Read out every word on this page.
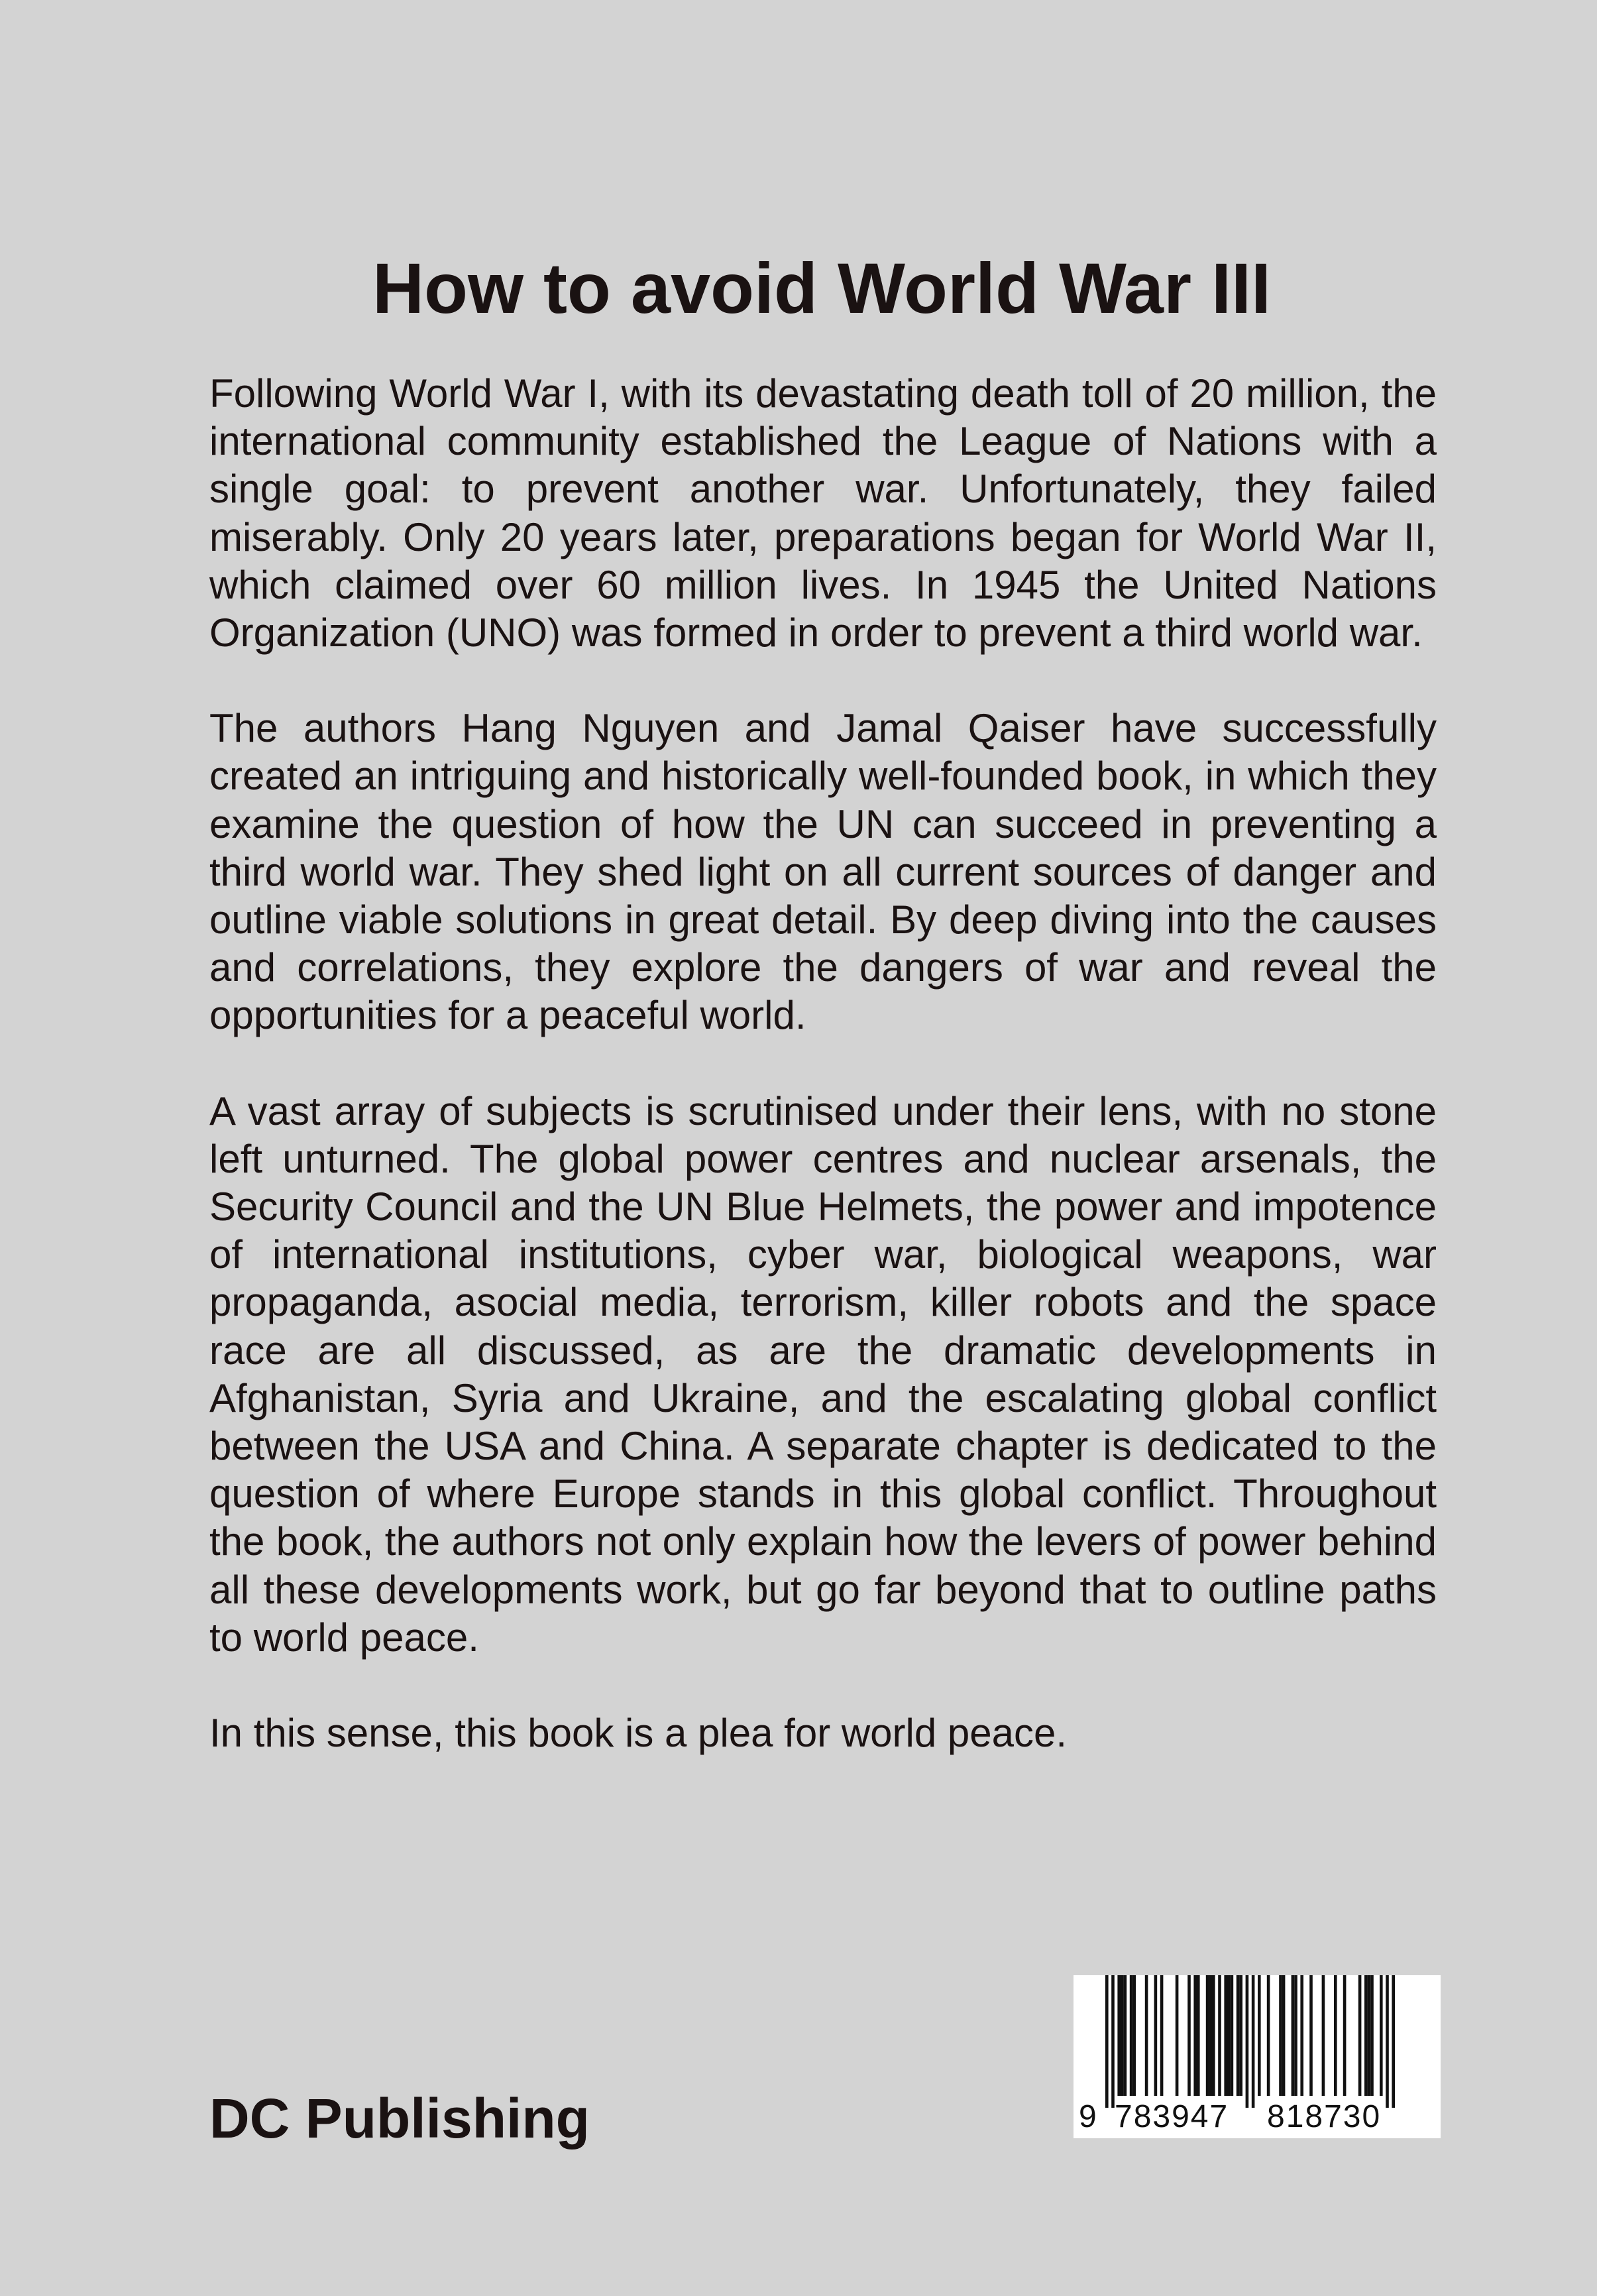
How to avoid World War III

Following World War I, with its devastating death toll of 20 million, the international community established the League of Nations with a single goal: to prevent another war. Unfortunately, they failed miserably. Only 20 years later, preparations began for World War II, which claimed over 60 million lives. In 1945 the United Nations Organization (UNO) was formed in order to prevent a third world war.

The authors Hang Nguyen and Jamal Qaiser have successfully created an intriguing and historically well-founded book, in which they examine the question of how the UN can succeed in preventing a third world war. They shed light on all current sources of danger and outline viable solutions in great detail. By deep diving into the causes and correlations, they explore the dangers of war and reveal the opportunities for a peaceful world.

A vast array of subjects is scrutinised under their lens, with no stone left unturned. The global power centres and nuclear arsenals, the Security Council and the UN Blue Helmets, the power and impotence of international institutions, cyber war, biological weapons, war propaganda, asocial media, terrorism, killer robots and the space race are all discussed, as are the dramatic developments in Afghanistan, Syria and Ukraine, and the escalating global conflict between the USA and China. A separate chapter is dedicated to the question of where Europe stands in this global conflict. Throughout the book, the authors not only explain how the levers of power behind all these developments work, but go far beyond that to outline paths to world peace.

In this sense, this book is a plea for world peace.

DC Publishing	9 783947 818730
